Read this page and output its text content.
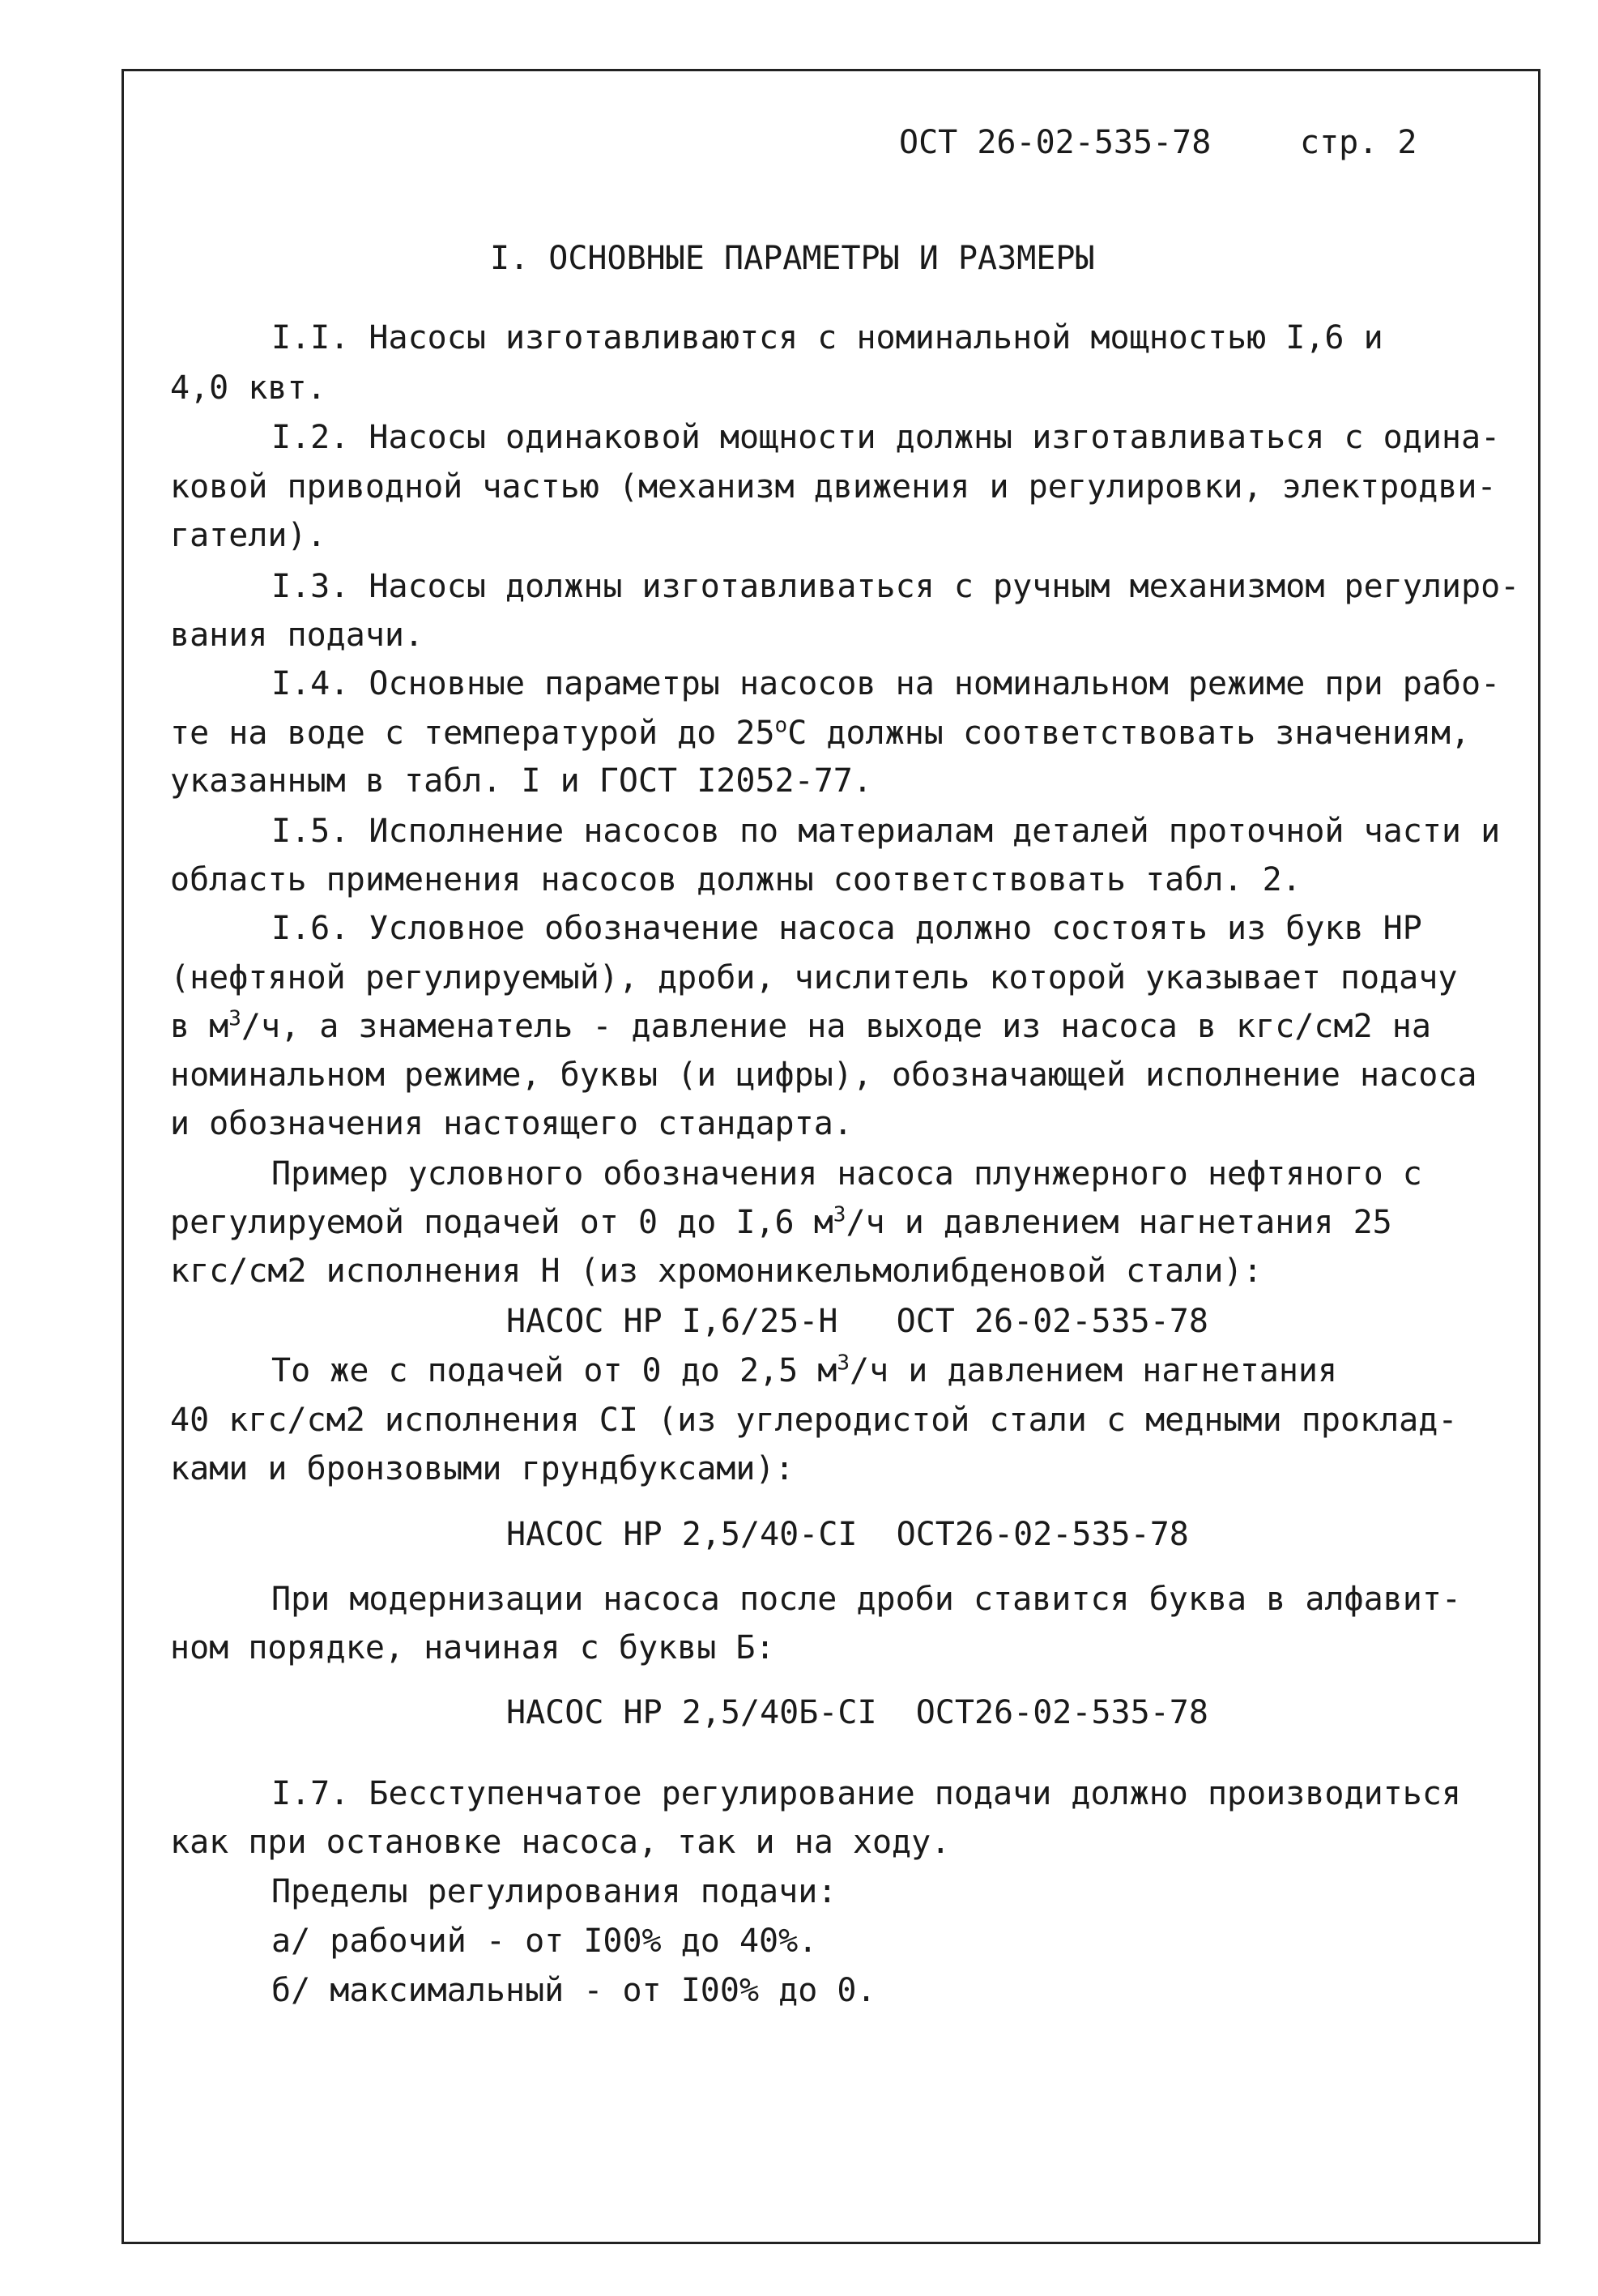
ОСТ 26-02-535-78	стр. 2
I. ОСНОВНЫЕ ПАРАМЕТРЫ И РАЗМЕРЫ
I.I. Насосы изготавливаются с номинальной мощностью I,6 и
4,0 квт.
I.2. Насосы одинаковой мощности должны изготавливаться с одина-
ковой приводной частью (механизм движения и регулировки, электродви-
гатели).
I.3. Насосы должны изготавливаться с ручным механизмом регулиро-
вания подачи.
I.4. Основные параметры насосов на номинальном режиме при рабо-
те на воде с температурой до $25^оС$ должны соответствовать значениям,
указанным в табл. I и ГОСТ I2052-77.
I.5. Исполнение насосов по материалам деталей проточной части и
область применения насосов должны соответствовать табл. 2.
I.6. Условное обозначение насоса должно состоять из букв НР
(нефтяной регулируемый), дроби, числитель которой указывает подачу
в $м^3/ч$, а знаменатель - давление на выходе из насоса в кгс/см2 на
номинальном режиме, буквы (и цифры), обозначающей исполнение насоса
и обозначения настоящего стандарта.
Пример условного обозначения насоса плунжерного нефтяного с
регулируемой подачей от 0 до I,6 $м^3/ч$ и давлением нагнетания 25
кгс/см2 исполнения Н (из хромоникельмолибденовой стали):
НАСОС НР I,6/25-Н   ОСТ 26-02-535-78
То же с подачей от 0 до 2,5 $м^3/ч$ и давлением нагнетания
40 кгс/см2 исполнения СI (из углеродистой стали с медными проклад-
ками и бронзовыми грундбуксами):
НАСОС НР 2,5/40-СI  ОСТ26-02-535-78
При модернизации насоса после дроби ставится буква в алфавит-
ном порядке, начиная с буквы Б:
НАСОС НР 2,5/40Б-СI  ОСТ26-02-535-78
I.7. Бесступенчатое регулирование подачи должно производиться
как при остановке насоса, так и на ходу.
Пределы регулирования подачи:
а/ рабочий - от I00% до 40%.
б/ максимальный - от I00% до 0.
